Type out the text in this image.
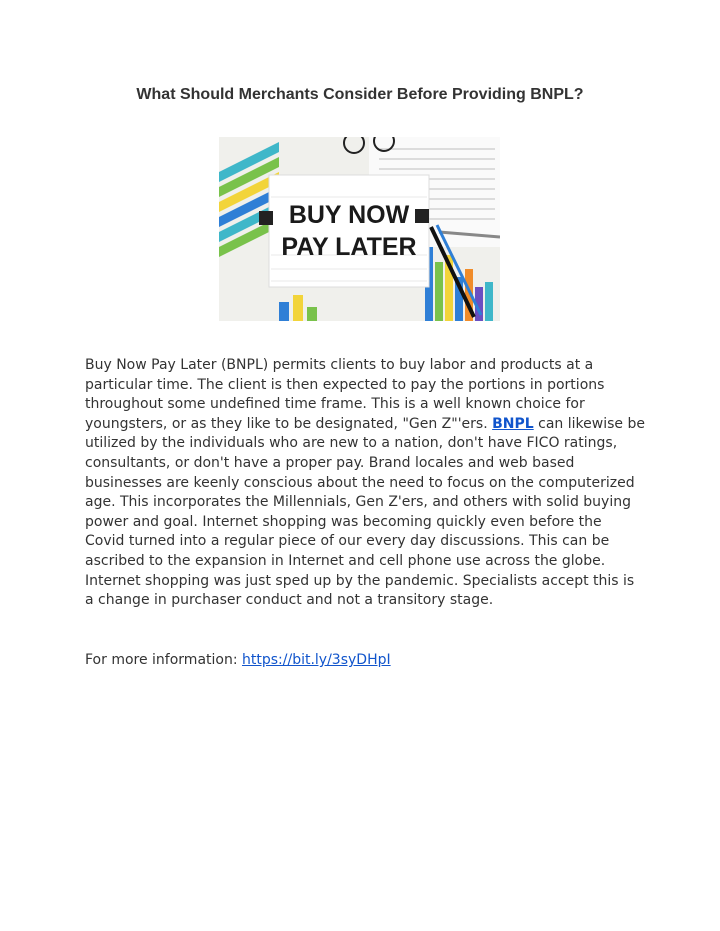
What Should Merchants Consider Before Providing BNPL?
BUY NOW
PAY LATER

Buy Now Pay Later (BNPL) permits clients to buy labor and products at a particular time. The client is then expected to pay the portions in portions throughout some undefined time frame. This is a well known choice for youngsters, or as they like to be designated, "Gen Z"'ers. BNPL can likewise be utilized by the individuals who are new to a nation, don't have FICO ratings, consultants, or don't have a proper pay. Brand locales and web based businesses are keenly conscious about the need to focus on the computerized age. This incorporates the Millennials, Gen Z'ers, and others with solid buying power and goal. Internet shopping was becoming quickly even before the Covid turned into a regular piece of our every day discussions. This can be ascribed to the expansion in Internet and cell phone use across the globe. Internet shopping was just sped up by the pandemic. Specialists accept this is a change in purchaser conduct and not a transitory stage.

For more information: https://bit.ly/3syDHpI
